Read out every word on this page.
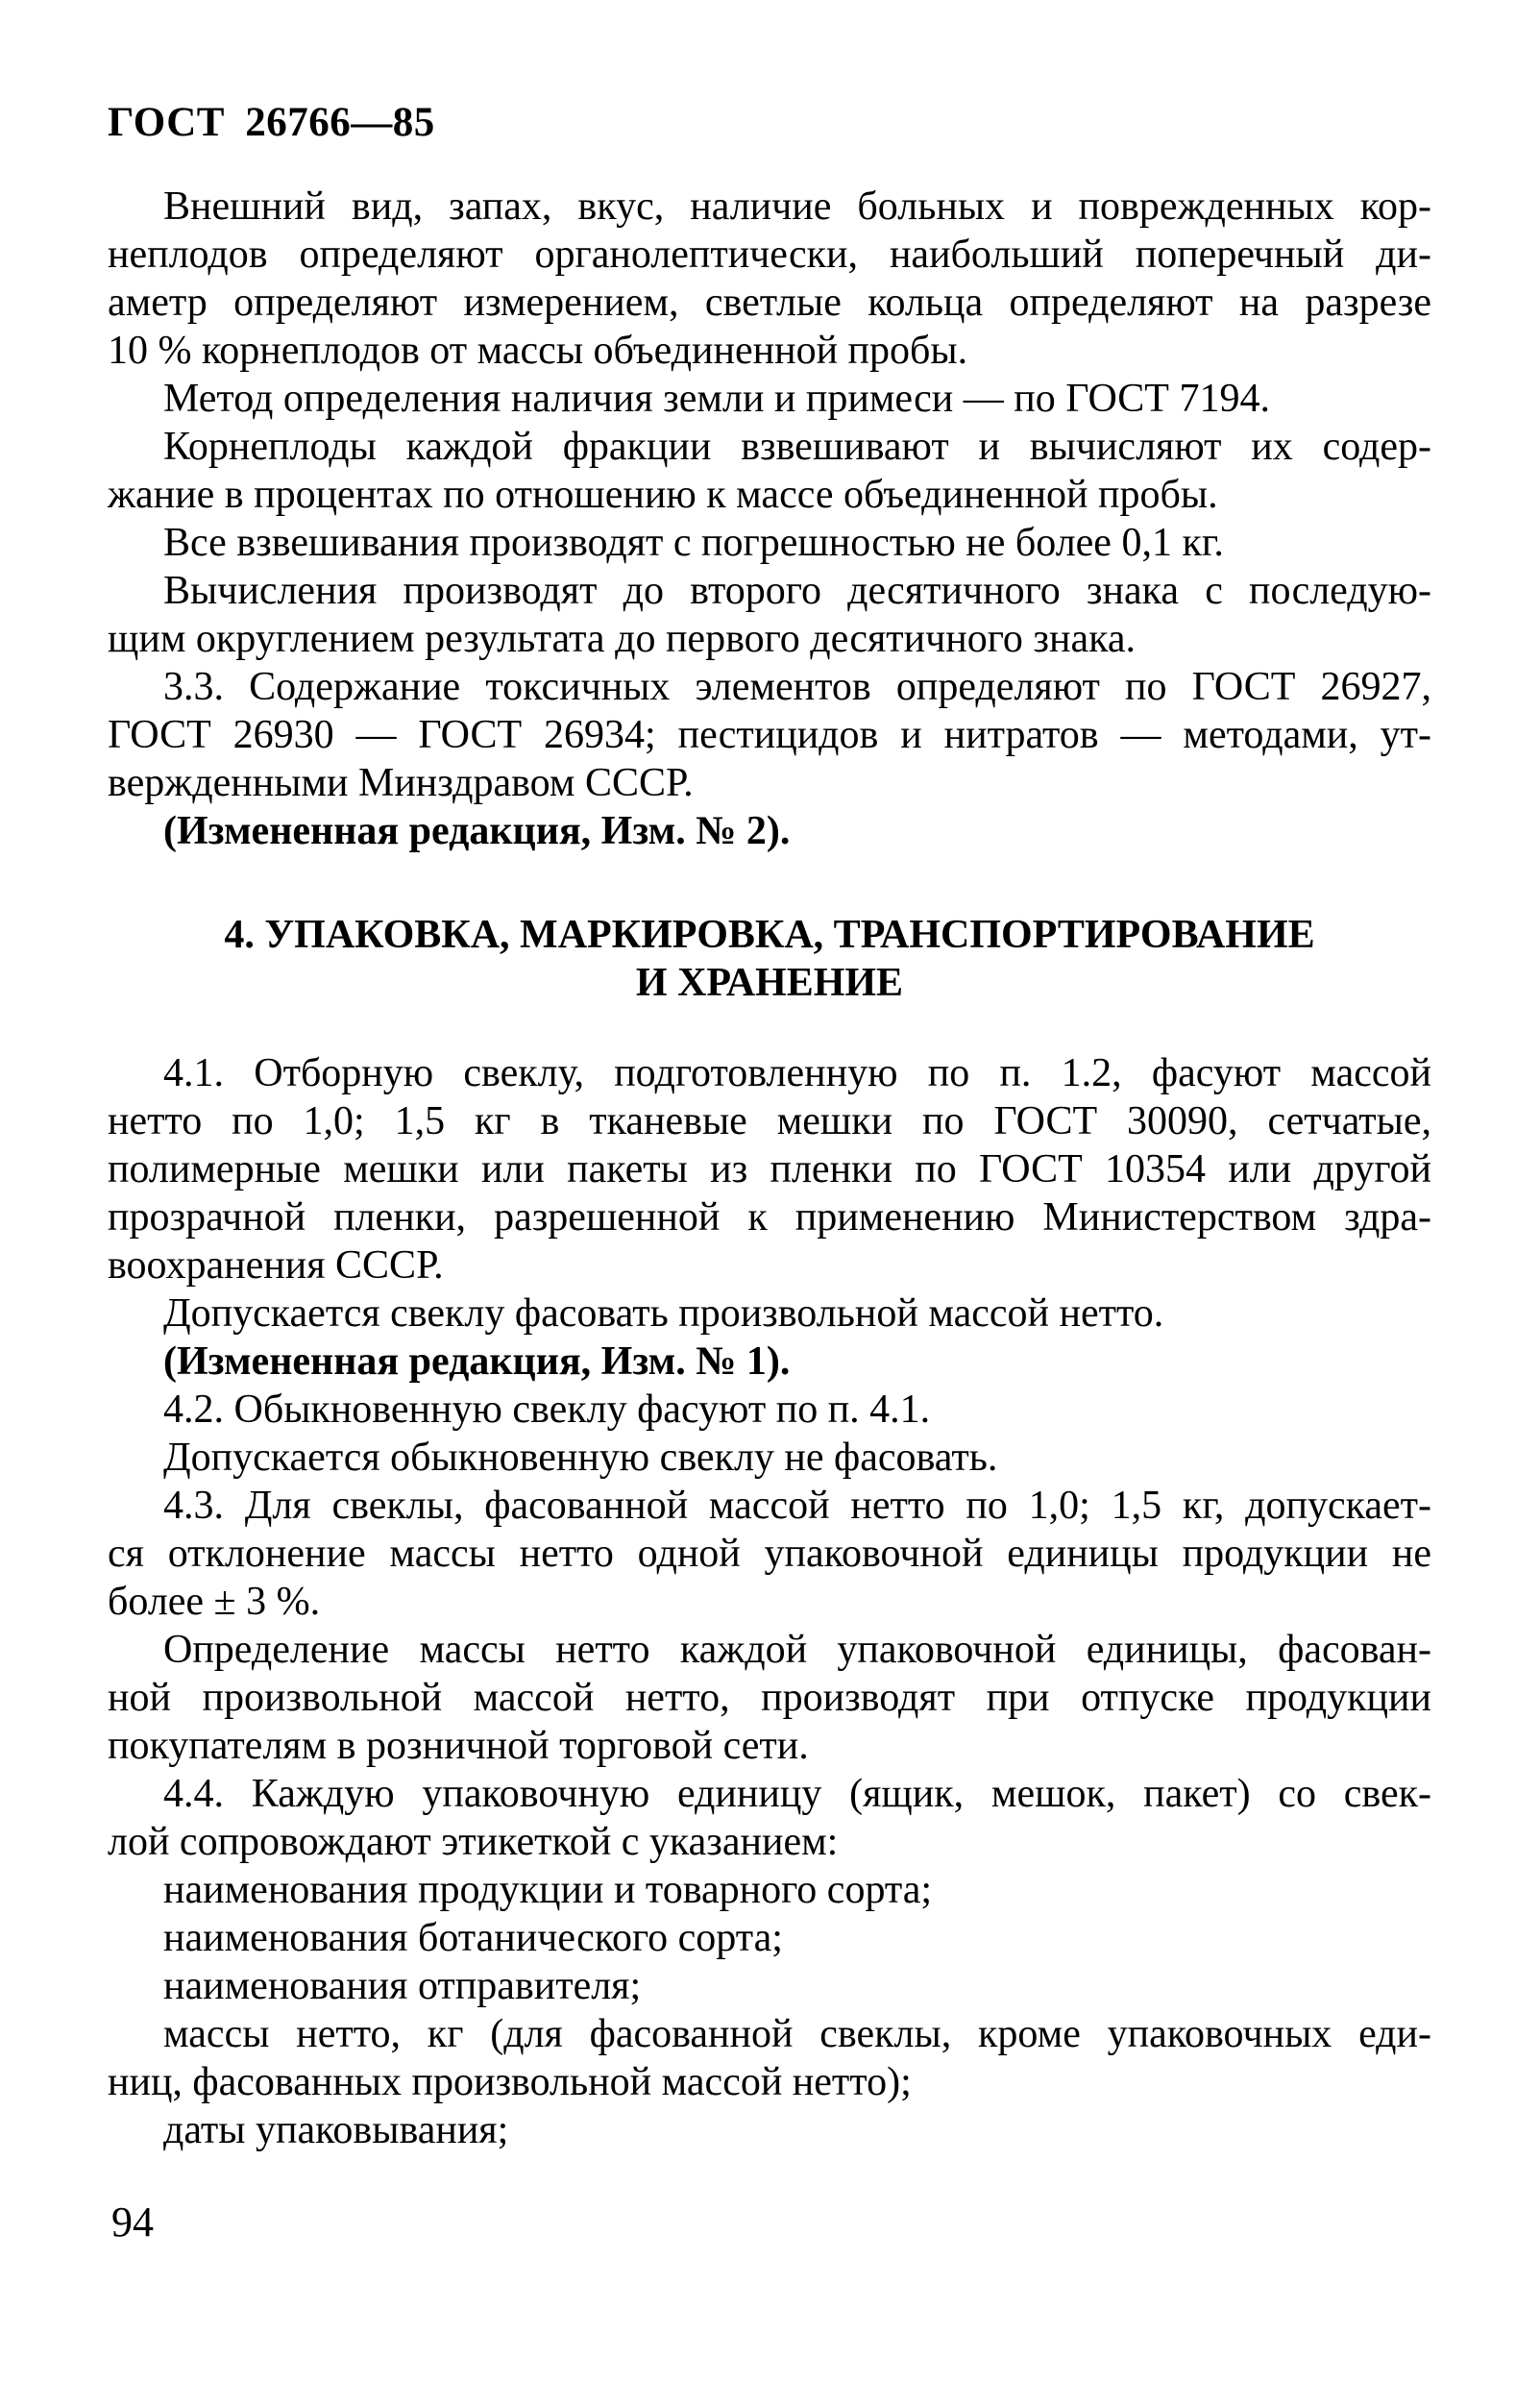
ГОСТ 26766—85
Внешний вид, запах, вкус, наличие больных и поврежденных кор-
неплодов определяют органолептически, наибольший поперечный ди-
аметр определяют измерением, светлые кольца определяют на разрезе
10 % корнеплодов от массы объединенной пробы.
Метод определения наличия земли и примеси — по ГОСТ 7194.
Корнеплоды каждой фракции взвешивают и вычисляют их содер-
жание в процентах по отношению к массе объединенной пробы.
Все взвешивания производят с погрешностью не более 0,1 кг.
Вычисления производят до второго десятичного знака с последую-
щим округлением результата до первого десятичного знака.
3.3. Содержание токсичных элементов определяют по ГОСТ 26927,
ГОСТ 26930 — ГОСТ 26934; пестицидов и нитратов — методами, ут-
вержденными Минздравом СССР.
(Измененная редакция, Изм. № 2).
4. УПАКОВКА, МАРКИРОВКА, ТРАНСПОРТИРОВАНИЕ
И ХРАНЕНИЕ
4.1. Отборную свеклу, подготовленную по п. 1.2, фасуют массой
нетто по 1,0; 1,5 кг в тканевые мешки по ГОСТ 30090, сетчатые,
полимерные мешки или пакеты из пленки по ГОСТ 10354 или другой
прозрачной пленки, разрешенной к применению Министерством здра-
воохранения СССР.
Допускается свеклу фасовать произвольной массой нетто.
(Измененная редакция, Изм. № 1).
4.2. Обыкновенную свеклу фасуют по п. 4.1.
Допускается обыкновенную свеклу не фасовать.
4.3. Для свеклы, фасованной массой нетто по 1,0; 1,5 кг, допускает-
ся отклонение массы нетто одной упаковочной единицы продукции не
более ± 3 %.
Определение массы нетто каждой упаковочной единицы, фасован-
ной произвольной массой нетто, производят при отпуске продукции
покупателям в розничной торговой сети.
4.4. Каждую упаковочную единицу (ящик, мешок, пакет) со свек-
лой сопровождают этикеткой с указанием:
наименования продукции и товарного сорта;
наименования ботанического сорта;
наименования отправителя;
массы нетто, кг (для фасованной свеклы, кроме упаковочных еди-
ниц, фасованных произвольной массой нетто);
даты упаковывания;
94
